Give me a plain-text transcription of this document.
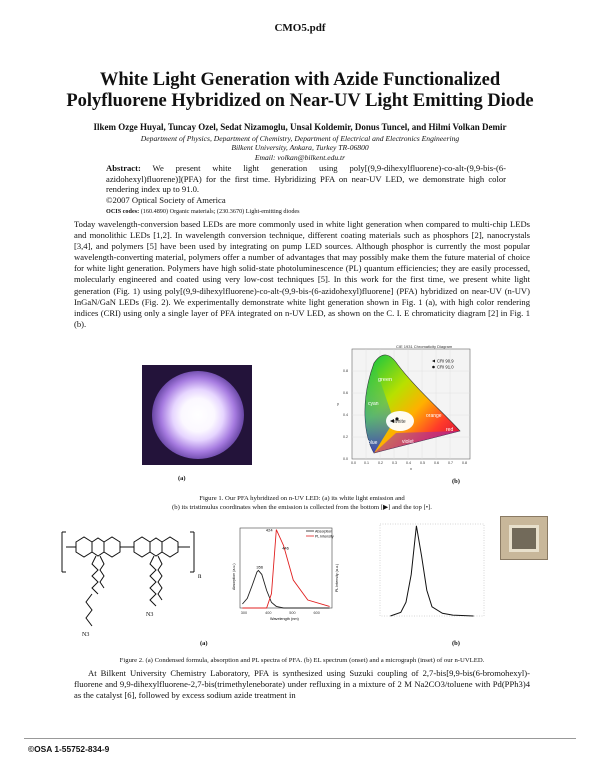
CMO5.pdf
White Light Generation with Azide Functionalized
Polyfluorene Hybridized on Near-UV Light Emitting Diode
Ilkem Ozge Huyal, Tuncay Ozel, Sedat Nizamoglu, Unsal Koldemir, Donus Tuncel, and Hilmi Volkan Demir
Department of Physics, Department of Chemistry, Department of Electrical and Electronics Engineering
Bilkent University, Ankara, Turkey TR-06800
Email: volkan@bilkent.edu.tr
Abstract: We present white light generation using poly[(9,9-dihexylfluorene)-co-alt-(9,9-bis-(6-azidohexyl)fluorene)](PFA) for the first time. Hybridizing PFA on near-UV LED, we demonstrate high color rendering index up to 91.0.
©2007 Optical Society of America
OCIS codes: (160.4890) Organic materials; (230.3670) Light-emitting diodes
Today wavelength-conversion based LEDs are more commonly used in white light generation when compared to multi-chip LEDs and monolithic LEDs [1,2]. In wavelength conversion technique, different coating materials such as phosphors [2], nanocrystals [3,4], and polymers [5] have been used by integrating on pump LED sources. Although phosphor is currently the most popular wavelength-converting material, polymers offer a number of advantages that may possibly make them the future material of choice for white light generation. Polymers have high solid-state photoluminescence (PL) quantum efficiencies; they are easily processed, molecularly engineered and coated using very low-cost techniques [5]. In this work for the first time, we present white light generation (Fig. 1) using poly[(9,9-dihexylfluorene)-co-alt-(9,9-bis-(6-azidohexyl)fluorene] (PFA) hybridized on near-UV (n-UV) InGaN/GaN LEDs (Fig. 2). We experimentally demonstrate white light generation shown in Fig. 1 (a), with high color rendering indices (CRI) using only a single layer of PFA integrated on n-UV LED, as shown on the C. I. E chromaticity diagram [2] in Fig. 1 (b).
(a)
green
cyan
white
blue	violet
orange
red
CIE 1931 Chromaticity Diagram
CRI 90.9
CRI 91.0
0.0 0.1	0.2	0.3	0.4	0.5	0.6	0.7	0.8
0.0
0.2
0.4
0.6
0.8
x
y
(b)
Figure 1. Our PFA hybridized on n-UV LED: (a) its white light emission and
(b) its tristimulus coordinates when the emission is collected from the bottom [▶] and the top [•].
n
N3
N3
Absorption
PL Intensity
356
424
446
300	400	500	600
Wavelength (nm)
Absorption (a.u.)	PL Intensity (a.u.)
(a)	(b)
Figure 2. (a) Condensed formula, absorption and PL spectra of PFA. (b) EL spectrum (onset) and a micrograph (inset) of our n-UVLED.
At Bilkent University Chemistry Laboratory, PFA is synthesized using Suzuki coupling of 2,7-bis[9,9-bis(6-bromohexyl)-fluorene and 9,9-dihexylfluorene-2,7-bis(trimethyleneborate) under refluxing in a mixture of 2 M Na2CO3/toluene with Pd(PPh3)4 as the catalyst [6], followed by excess sodium azide treatment in
©OSA 1-55752-834-9
